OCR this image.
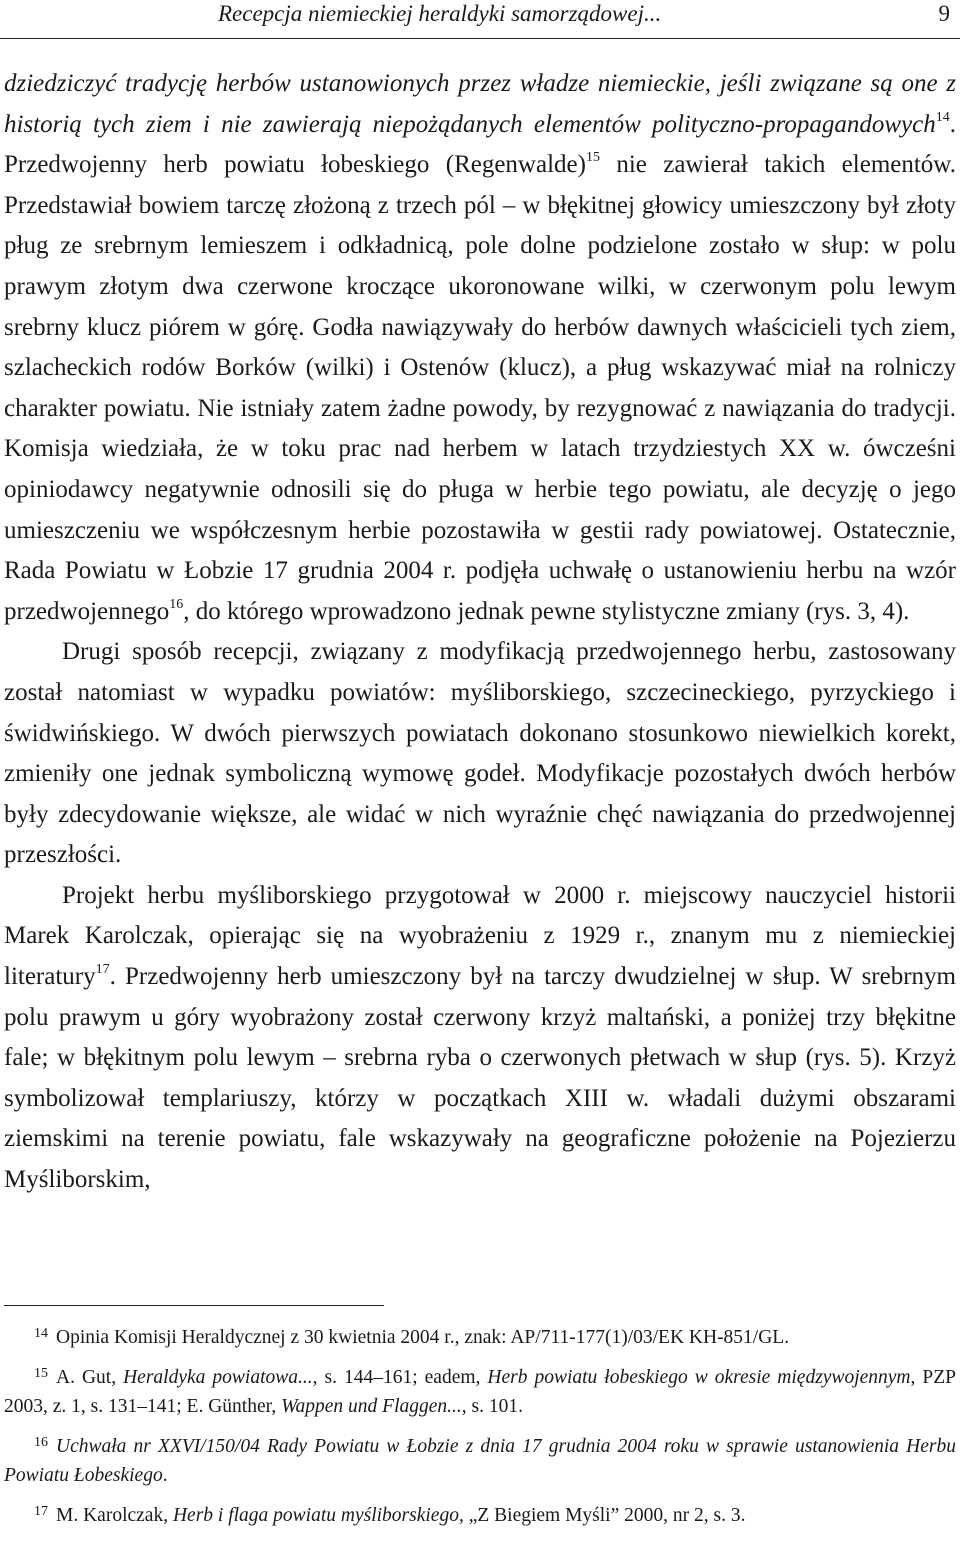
Recepcja niemieckiej heraldyki samorządowej...	9

dziedziczyć tradycję herbów ustanowionych przez władze niemieckie, jeśli związane są one z historią tych ziem i nie zawierają niepożądanych elementów polityczno-propagandowych$^{14}$. Przedwojenny herb powiatu łobeskiego (Regenwalde)$^{15}$ nie zawierał takich elementów. Przedstawiał bowiem tarczę złożoną z trzech pól – w błękitnej głowicy umieszczony był złoty pług ze srebrnym lemieszem i odkładnicą, pole dolne podzielone zostało w słup: w polu prawym złotym dwa czerwone kroczące ukoronowane wilki, w czerwonym polu lewym srebrny klucz piórem w górę. Godła nawiązywały do herbów dawnych właścicieli tych ziem, szlacheckich rodów Borków (wilki) i Ostenów (klucz), a pług wskazywać miał na rolniczy charakter powiatu. Nie istniały zatem żadne powody, by rezygnować z nawiązania do tradycji. Komisja wiedziała, że w toku prac nad herbem w latach trzydziestych XX w. ówcześni opiniodawcy negatywnie odnosili się do pługa w herbie tego powiatu, ale decyzję o jego umieszczeniu we współczesnym herbie pozostawiła w gestii rady powiatowej. Ostatecznie, Rada Powiatu w Łobzie 17 grudnia 2004 r. podjęła uchwałę o ustanowieniu herbu na wzór przedwojennego$^{16}$, do którego wprowadzono jednak pewne stylistyczne zmiany (rys. 3, 4).

Drugi sposób recepcji, związany z modyfikacją przedwojennego herbu, zastosowany został natomiast w wypadku powiatów: myśliborskiego, szczecineckiego, pyrzyckiego i świdwińskiego. W dwóch pierwszych powiatach dokonano stosunkowo niewielkich korekt, zmieniły one jednak symboliczną wymowę godeł. Modyfikacje pozostałych dwóch herbów były zdecydowanie większe, ale widać w nich wyraźnie chęć nawiązania do przedwojennej przeszłości.

Projekt herbu myśliborskiego przygotował w 2000 r. miejscowy nauczyciel historii Marek Karolczak, opierając się na wyobrażeniu z 1929 r., znanym mu z niemieckiej literatury$^{17}$. Przedwojenny herb umieszczony był na tarczy dwudzielnej w słup. W srebrnym polu prawym u góry wyobrażony został czerwony krzyż maltański, a poniżej trzy błękitne fale; w błękitnym polu lewym – srebrna ryba o czerwonych płetwach w słup (rys. 5). Krzyż symbolizował templariuszy, którzy w początkach XIII w. władali dużymi obszarami ziemskimi na terenie powiatu, fale wskazywały na geograficzne położenie na Pojezierzu Myśliborskim,

$^{14}$ Opinia Komisji Heraldycznej z 30 kwietnia 2004 r., znak: AP/711-177(1)/03/EK KH-851/GL.

$^{15}$ A. Gut, Heraldyka powiatowa..., s. 144–161; eadem, Herb powiatu łobeskiego w okresie międzywojennym, PZP 2003, z. 1, s. 131–141; E. Günther, Wappen und Flaggen..., s. 101.

$^{16}$ Uchwała nr XXVI/150/04 Rady Powiatu w Łobzie z dnia 17 grudnia 2004 roku w sprawie ustanowienia Herbu Powiatu Łobeskiego.

$^{17}$ M. Karolczak, Herb i flaga powiatu myśliborskiego, „Z Biegiem Myśli” 2000, nr 2, s. 3.
